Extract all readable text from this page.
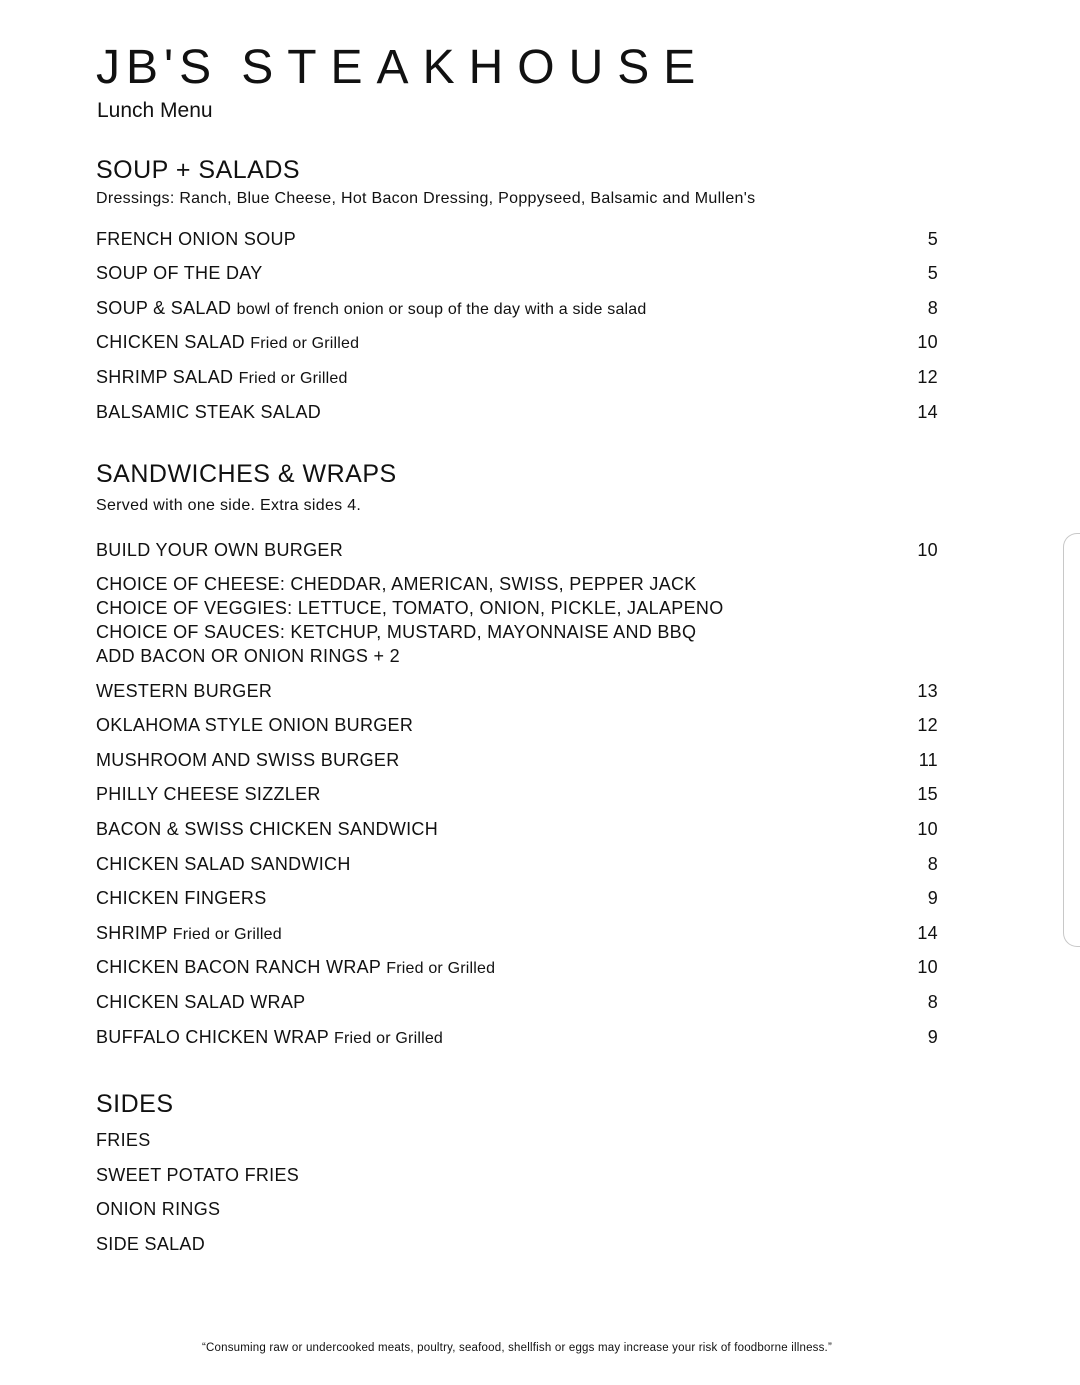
JB'S STEAKHOUSE
Lunch Menu
SOUP + SALADS
Dressings: Ranch, Blue Cheese, Hot Bacon Dressing, Poppyseed, Balsamic and Mullen's
FRENCH ONION SOUP	5
SOUP OF THE DAY	5
SOUP & SALAD bowl of french onion or soup of the day with a side salad	8
CHICKEN SALAD Fried or Grilled	10
SHRIMP SALAD Fried or Grilled	12
BALSAMIC STEAK SALAD	14
SANDWICHES & WRAPS
Served with one side. Extra sides 4.
BUILD YOUR OWN BURGER	10
CHOICE OF CHEESE: CHEDDAR, AMERICAN, SWISS, PEPPER JACK
CHOICE OF VEGGIES: LETTUCE, TOMATO, ONION, PICKLE, JALAPENO
CHOICE OF SAUCES: KETCHUP, MUSTARD, MAYONNAISE AND BBQ
ADD BACON OR ONION RINGS + 2
WESTERN BURGER	13
OKLAHOMA STYLE ONION BURGER	12
MUSHROOM AND SWISS BURGER	11
PHILLY CHEESE SIZZLER	15
BACON & SWISS CHICKEN SANDWICH	10
CHICKEN SALAD SANDWICH	8
CHICKEN FINGERS	9
SHRIMP Fried or Grilled	14
CHICKEN BACON RANCH WRAP Fried or Grilled	10
CHICKEN SALAD WRAP	8
BUFFALO CHICKEN WRAP Fried or Grilled	9
SIDES
FRIES
SWEET POTATO FRIES
ONION RINGS
SIDE SALAD
“Consuming raw or undercooked meats, poultry, seafood, shellfish or eggs may increase your risk of foodborne illness.”
